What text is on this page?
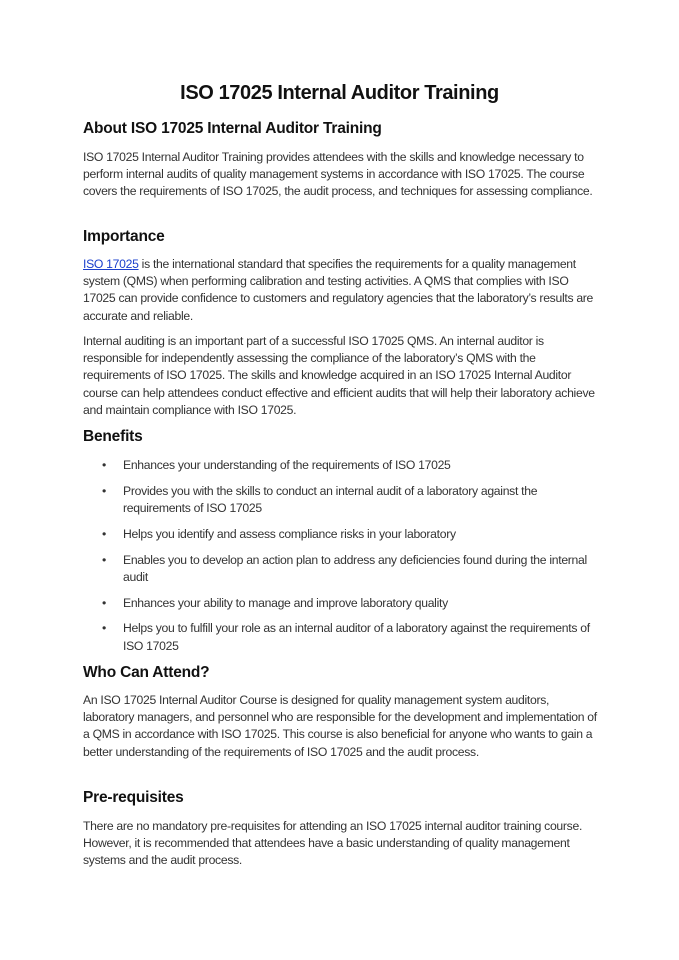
ISO 17025 Internal Auditor Training
About ISO 17025 Internal Auditor Training
ISO 17025 Internal Auditor Training provides attendees with the skills and knowledge necessary to perform internal audits of quality management systems in accordance with ISO 17025. The course covers the requirements of ISO 17025, the audit process, and techniques for assessing compliance.
Importance
ISO 17025 is the international standard that specifies the requirements for a quality management system (QMS) when performing calibration and testing activities. A QMS that complies with ISO 17025 can provide confidence to customers and regulatory agencies that the laboratory’s results are accurate and reliable.
Internal auditing is an important part of a successful ISO 17025 QMS. An internal auditor is responsible for independently assessing the compliance of the laboratory’s QMS with the requirements of ISO 17025. The skills and knowledge acquired in an ISO 17025 Internal Auditor course can help attendees conduct effective and efficient audits that will help their laboratory achieve and maintain compliance with ISO 17025.
Benefits
• Enhances your understanding of the requirements of ISO 17025
• Provides you with the skills to conduct an internal audit of a laboratory against the requirements of ISO 17025
• Helps you identify and assess compliance risks in your laboratory
• Enables you to develop an action plan to address any deficiencies found during the internal audit
• Enhances your ability to manage and improve laboratory quality
• Helps you to fulfill your role as an internal auditor of a laboratory against the requirements of ISO 17025
Who Can Attend?
An ISO 17025 Internal Auditor Course is designed for quality management system auditors, laboratory managers, and personnel who are responsible for the development and implementation of a QMS in accordance with ISO 17025. This course is also beneficial for anyone who wants to gain a better understanding of the requirements of ISO 17025 and the audit process.
Pre-requisites
There are no mandatory pre-requisites for attending an ISO 17025 internal auditor training course. However, it is recommended that attendees have a basic understanding of quality management systems and the audit process.
